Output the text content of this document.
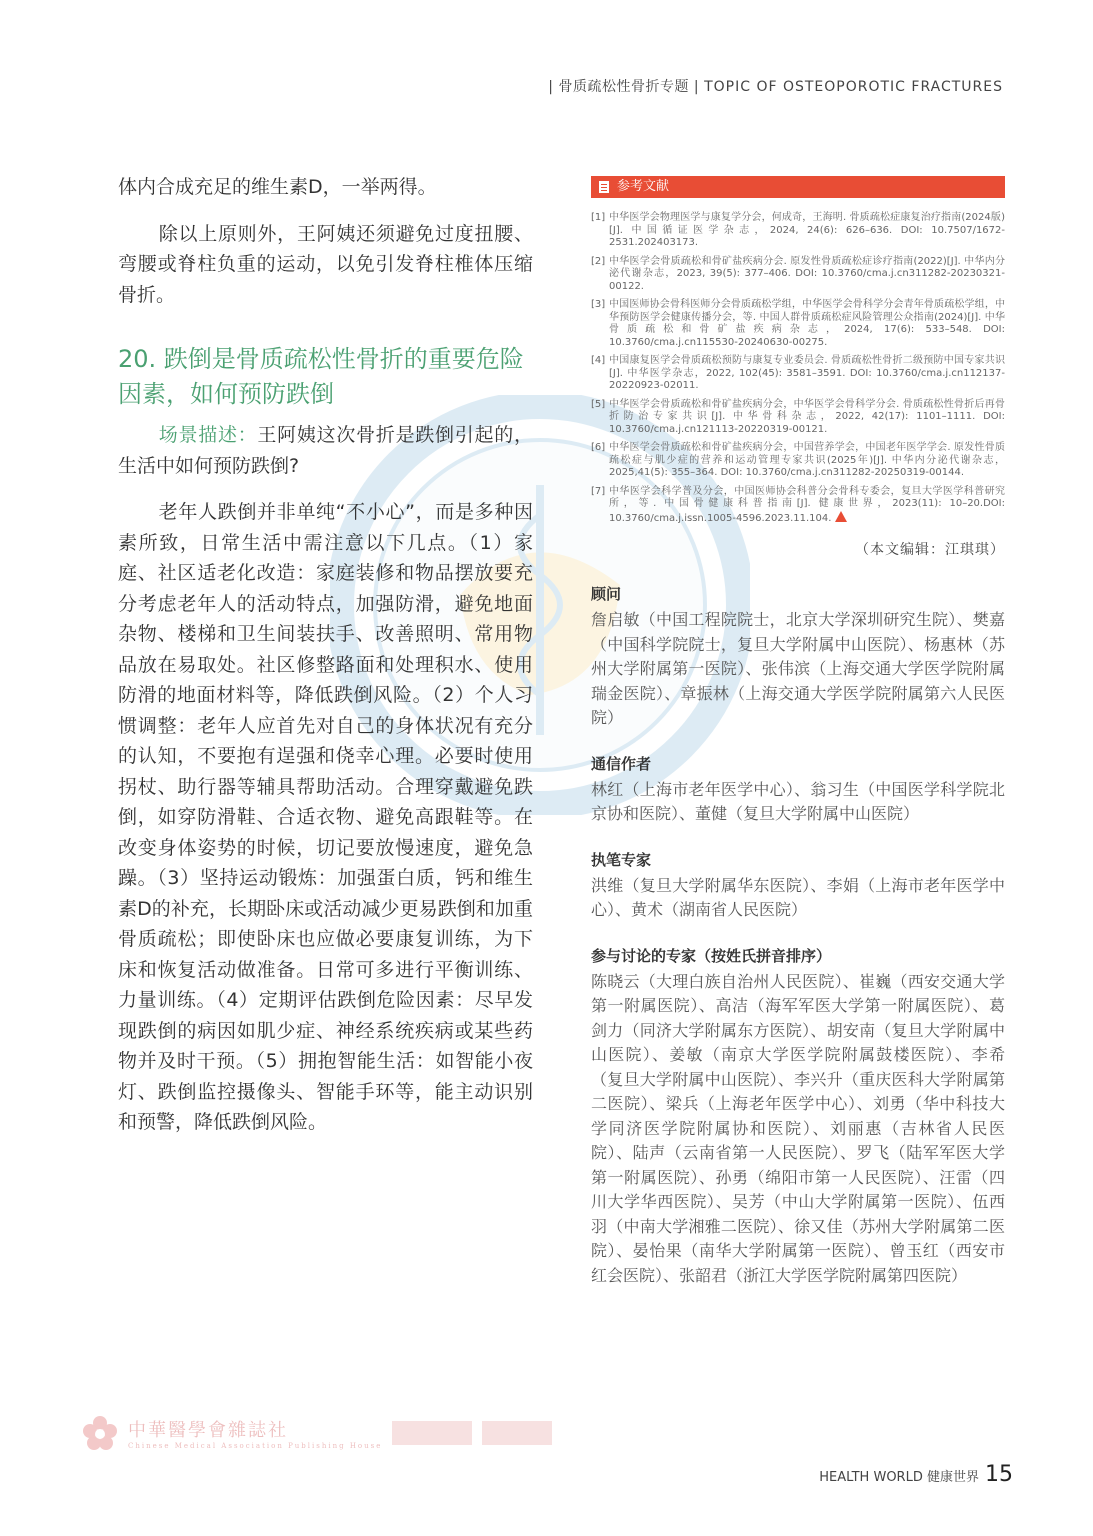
| 骨质疏松性骨折专题 | TOPIC OF OSTEOPOROTIC FRACTURES

体内合成充足的维生素D，一举两得。

除以上原则外，王阿姨还须避免过度扭腰、弯腰或脊柱负重的运动，以免引发脊柱椎体压缩骨折。

20. 跌倒是骨质疏松性骨折的重要危险因素，如何预防跌倒

场景描述：王阿姨这次骨折是跌倒引起的，生活中如何预防跌倒?

老年人跌倒并非单纯“不小心”，而是多种因素所致，日常生活中需注意以下几点。（1）家庭、社区适老化改造：家庭装修和物品摆放要充分考虑老年人的活动特点，加强防滑，避免地面杂物、楼梯和卫生间装扶手、改善照明、常用物品放在易取处。社区修整路面和处理积水、使用防滑的地面材料等，降低跌倒风险。（2）个人习惯调整：老年人应首先对自己的身体状况有充分的认知，不要抱有逞强和侥幸心理。必要时使用拐杖、助行器等辅具帮助活动。合理穿戴避免跌倒，如穿防滑鞋、合适衣物、避免高跟鞋等。在改变身体姿势的时候，切记要放慢速度，避免急躁。（3）坚持运动锻炼：加强蛋白质，钙和维生素D的补充，长期卧床或活动减少更易跌倒和加重骨质疏松；即使卧床也应做必要康复训练，为下床和恢复活动做准备。日常可多进行平衡训练、力量训练。（4）定期评估跌倒危险因素：尽早发现跌倒的病因如肌少症、神经系统疾病或某些药物并及时干预。（5）拥抱智能生活：如智能小夜灯、跌倒监控摄像头、智能手环等，能主动识别和预警，降低跌倒风险。

参考文献
[1] 中华医学会物理医学与康复学分会，何成奇，王海明. 骨质疏松症康复治疗指南(2024版)[J]. 中国循证医学杂志，2024, 24(6): 626–636. DOI: 10.7507/1672-2531.202403173.
[2] 中华医学会骨质疏松和骨矿盐疾病分会. 原发性骨质疏松症诊疗指南(2022)[J]. 中华内分泌代谢杂志，2023, 39(5): 377–406. DOI: 10.3760/cma.j.cn311282-20230321-00122.
[3] 中国医师协会骨科医师分会骨质疏松学组，中华医学会骨科学分会青年骨质疏松学组，中华预防医学会健康传播分会，等. 中国人群骨质疏松症风险管理公众指南(2024)[J]. 中华骨质疏松和骨矿盐疾病杂志，2024, 17(6): 533–548. DOI: 10.3760/cma.j.cn115530-20240630-00275.
[4] 中国康复医学会骨质疏松预防与康复专业委员会. 骨质疏松性骨折二级预防中国专家共识[J]. 中华医学杂志，2022, 102(45): 3581–3591. DOI: 10.3760/cma.j.cn112137-20220923-02011.
[5] 中华医学会骨质疏松和骨矿盐疾病分会，中华医学会骨科学分会. 骨质疏松性骨折后再骨折防治专家共识[J]. 中华骨科杂志，2022, 42(17): 1101–1111. DOI: 10.3760/cma.j.cn121113-20220319-00121.
[6] 中华医学会骨质疏松和骨矿盐疾病分会，中国营养学会，中国老年医学学会. 原发性骨质疏松症与肌少症的营养和运动管理专家共识(2025年)[J]. 中华内分泌代谢杂志，2025,41(5): 355–364. DOI: 10.3760/cma.j.cn311282-20250319-00144.
[7] 中华医学会科学普及分会，中国医师协会科普分会骨科专委会，复旦大学医学科普研究所，等. 中国骨健康科普指南[J]. 健康世界，2023(11): 10–20.DOI: 10.3760/cma.j.issn.1005-4596.2023.11.104.
（本文编辑：江琪琪）
顾问
詹启敏（中国工程院院士，北京大学深圳研究生院）、樊嘉（中国科学院院士，复旦大学附属中山医院）、杨惠林（苏州大学附属第一医院）、张伟滨（上海交通大学医学院附属瑞金医院）、章振林（上海交通大学医学院附属第六人民医院）
通信作者
林红（上海市老年医学中心）、翁习生（中国医学科学院北京协和医院）、董健（复旦大学附属中山医院）
执笔专家
洪维（复旦大学附属华东医院）、李娟（上海市老年医学中心）、黄术（湖南省人民医院）
参与讨论的专家（按姓氏拼音排序）
陈晓云（大理白族自治州人民医院）、崔巍（西安交通大学第一附属医院）、高洁（海军军医大学第一附属医院）、葛剑力（同济大学附属东方医院）、胡安南（复旦大学附属中山医院）、姜敏（南京大学医学院附属鼓楼医院）、李希（复旦大学附属中山医院）、李兴升（重庆医科大学附属第二医院）、梁兵（上海老年医学中心）、刘勇（华中科技大学同济医学院附属协和医院）、刘丽惠（吉林省人民医院）、陆声（云南省第一人民医院）、罗飞（陆军军医大学第一附属医院）、孙勇（绵阳市第一人民医院）、汪雷（四川大学华西医院）、吴芳（中山大学附属第一医院）、伍西羽（中南大学湘雅二医院）、徐又佳（苏州大学附属第二医院）、晏怡果（南华大学附属第一医院）、曾玉红（西安市红会医院）、张韶君（浙江大学医学院附属第四医院）
中華醫學會雜誌社
Chinese Medical Association Publishing House
HEALTH WORLD
健康世界 15
